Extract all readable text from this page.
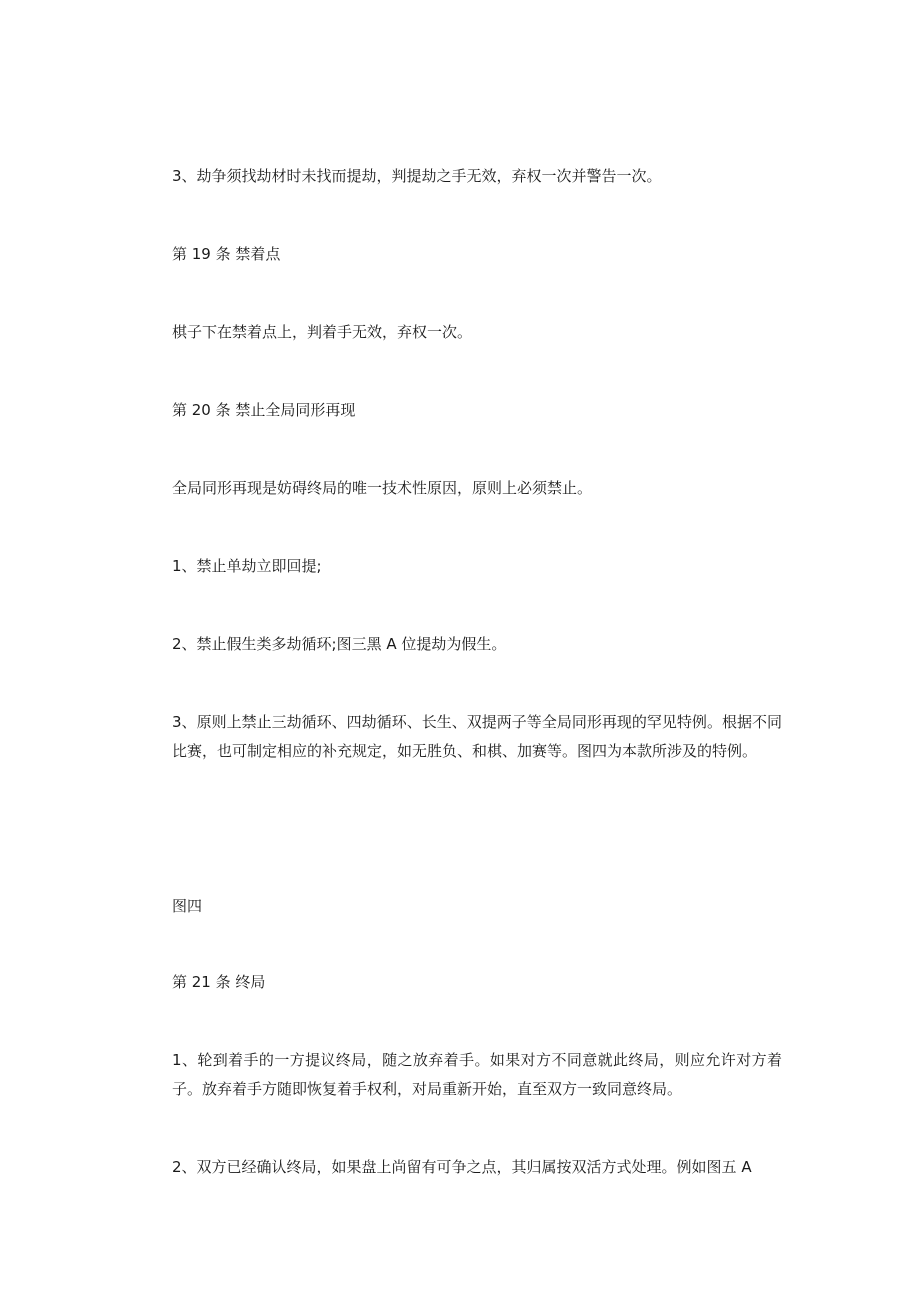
3、劫争须找劫材时未找而提劫，判提劫之手无效，弃权一次并警告一次。

第 19 条 禁着点

棋子下在禁着点上，判着手无效，弃权一次。

第 20 条 禁止全局同形再现

全局同形再现是妨碍终局的唯一技术性原因，原则上必须禁止。

1、禁止单劫立即回提;

2、禁止假生类多劫循环;图三黑 A 位提劫为假生。

3、原则上禁止三劫循环、四劫循环、长生、双提两子等全局同形再现的罕见特例。根据不同比赛，也可制定相应的补充规定，如无胜负、和棋、加赛等。图四为本款所涉及的特例。

图四

第 21 条 终局

1、轮到着手的一方提议终局，随之放弃着手。如果对方不同意就此终局，则应允许对方着子。放弃着手方随即恢复着手权利，对局重新开始，直至双方一致同意终局。

2、双方已经确认终局，如果盘上尚留有可争之点，其归属按双活方式处理。例如图五 A
